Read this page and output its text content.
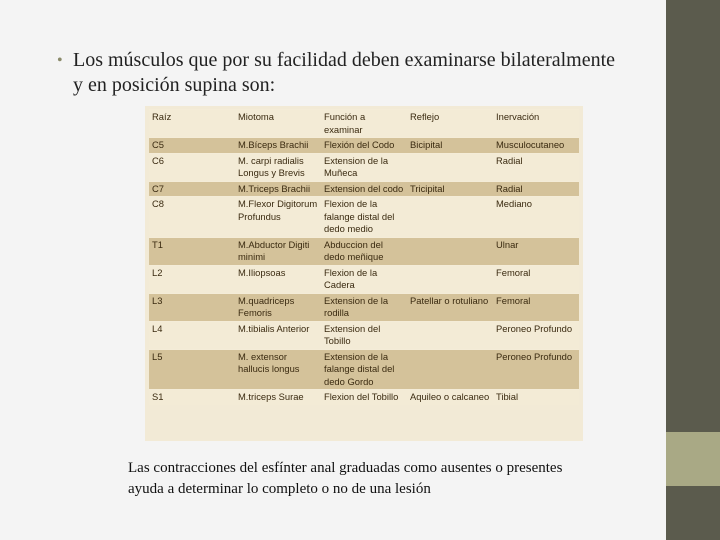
• Los músculos que por su facilidad deben examinarse bilateralmente y en posición supina son:
Raíz	Miotoma	Función a examinar	Reflejo	Inervación
C5	M.Bíceps Brachii	Flexión del Codo	Bicipital	Musculocutaneo
C6	M. carpi radialis Longus y Brevis	Extension de la Muñeca		Radial
C7	M.Triceps Brachii	Extension del codo	Tricipital	Radial
C8	M.Flexor Digitorum Profundus	Flexion de la falange distal del dedo medio		Mediano
T1	M.Abductor Digiti minimi	Abduccion del dedo meñique		Ulnar
L2	M.Iliopsoas	Flexion de la Cadera		Femoral
L3	M.quadriceps Femoris	Extension de la rodilla	Patellar o rotuliano	Femoral
L4	M.tibialis Anterior	Extension del Tobillo		Peroneo Profundo
L5	M. extensor hallucis longus	Extension de la falange distal del dedo Gordo		Peroneo Profundo
S1	M.triceps Surae	Flexion del Tobillo	Aquileo o calcaneo	Tibial
Las contracciones del esfínter anal graduadas como ausentes o presentes ayuda a determinar lo completo o no de una lesión
